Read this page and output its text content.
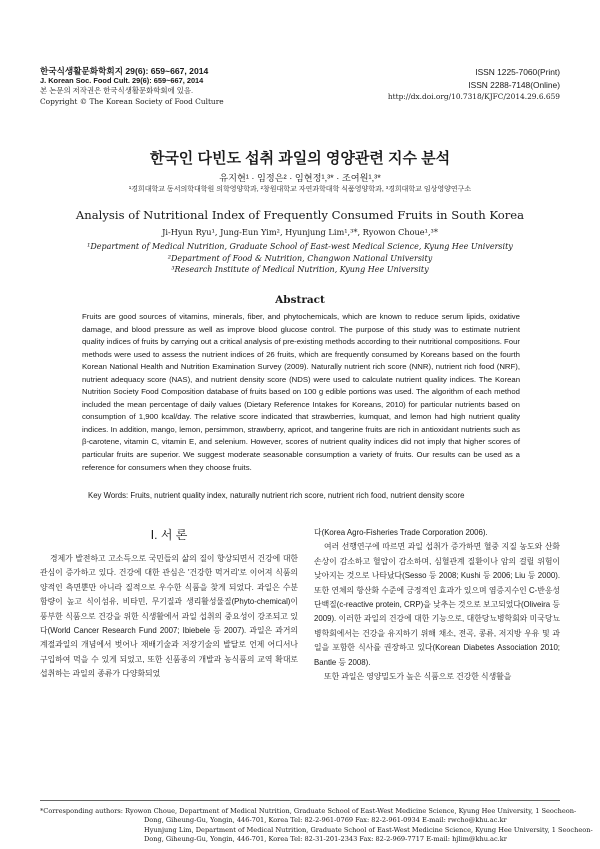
한국식생활문화학회지 29(6): 659~667, 2014
J. Korean Soc. Food Cult. 29(6): 659~667, 2014
본 논문의 저작권은 한국식생활문화학회에 있음.
Copyright © The Korean Society of Food Culture
ISSN 1225-7060(Print)
ISSN 2288-7148(Online)
http://dx.doi.org/10.7318/KJFC/2014.29.6.659
한국인 다빈도 섭취 과일의 영양관련 지수 분석
유지현¹ · 임정은² · 임현정¹,³* · 조여원¹,³*
¹경희대학교 동서의학대학원 의학영양학과, ²창원대학교 자연과학대학 식품영양학과, ³경희대학교 임상영양연구소
Analysis of Nutritional Index of Frequently Consumed Fruits in South Korea
Ji-Hyun Ryu¹, Jung-Eun Yim², Hyunjung Lim¹,³*, Ryowon Choue¹,³*
¹Department of Medical Nutrition, Graduate School of East-west Medical Science, Kyung Hee University
²Department of Food & Nutrition, Changwon National University
³Research Institute of Medical Nutrition, Kyung Hee University
Abstract
Fruits are good sources of vitamins, minerals, fiber, and phytochemicals, which are known to reduce serum lipids, oxidative damage, and blood pressure as well as improve blood glucose control. The purpose of this study was to estimate nutrient quality indices of fruits by carrying out a critical analysis of pre-existing methods according to their nutritional compositions. Four methods were used to assess the nutrient indices of 26 fruits, which are frequently consumed by Koreans based on the fourth Korean National Health and Nutrition Examination Survey (2009). Naturally nutrient rich score (NNR), nutrient rich food (NRF), nutrient adequacy score (NAS), and nutrient density score (NDS) were used to calculate nutrient quality indices. The Korean Nutrition Society Food Composition database of fruits based on 100 g edible portions was used. The algorithm of each method included the mean percentage of daily values (Dietary Reference Intakes for Koreans, 2010) for particular nutrients based on consumption of 1,900 kcal/day. The relative score indicated that strawberries, kumquat, and lemon had high nutrient quality indices. In addition, mango, lemon, persimmon, strawberry, apricot, and tangerine fruits are rich in antioxidant nutrients such as β-carotene, vitamin C, vitamin E, and selenium. However, scores of nutrient quality indices did not imply that higher scores of particular fruits are superior. We suggest moderate seasonable consumption a variety of fruits. Our results can be used as a reference for consumers when they choose fruits.
Key Words: Fruits, nutrient quality index, naturally nutrient rich score, nutrient rich food, nutrient density score
Ⅰ. 서 론

경제가 발전하고 고소득으로 국민들의 삶의 질이 향상되면서 건강에 대한 관심이 증가하고 있다. 건강에 대한 관심은 '건강한 먹거리'로 이어져 식품의 양적인 측면뿐만 아니라 질적으로 우수한 식품을 찾게 되었다. 과일은 수분 함량이 높고 식이섬유, 비타민, 무기질과 생리활성물질(Phyto-chemical)이 풍부한 식품으로 건강을 위한 식생활에서 과일 섭취의 중요성이 강조되고 있다(World Cancer Research Fund 2007; Ibiebele 등 2007). 과일은 과거의 계절과일의 개념에서 벗어나 재배기술과 저장기술의 발달로 언제 어디서나 구입하여 먹을 수 있게 되었고, 또한 신품종의 개발과 농식품의 교역 확대로 섭취하는 과일의 종류가 다양화되었

다(Korea Agro-Fisheries Trade Corporation 2006).

여러 선행연구에 따르면 과일 섭취가 증가하면 혈중 지질 농도와 산화 손상이 감소하고 혈압이 감소하며, 심혈관계 질환이나 암의 걸릴 위험이 낮아지는 것으로 나타났다(Sesso 등 2008; Kushi 등 2006; Liu 등 2000). 또한 연체의 항산화 수준에 긍정적인 효과가 있으며 염증지수인 C-반응성 단백질(c-reactive protein, CRP)을 낮추는 것으로 보고되었다(Oliveira 등 2009). 이러한 과일의 건강에 대한 기능으로, 대한당뇨병학회와 미국당뇨병학회에서는 건강을 유지하기 위해 채소, 전곡, 콩류, 저지방 우유 및 과일을 포함한 식사를 권장하고 있다(Korean Diabetes Association 2010; Bantle 등 2008).

또한 과일은 영양밀도가 높은 식품으로 건강한 식생활을

*Corresponding authors: Ryowon Choue, Department of Medical Nutrition, Graduate School of East-West Medicine Science, Kyung Hee University, 1 Seocheon-
Dong, Giheung-Gu, Yongin, 446-701, Korea Tel: 82-2-961-0769 Fax: 82-2-961-0934 E-mail: rwcho@khu.ac.kr
Hyunjung Lim, Department of Medical Nutrition, Graduate School of East-West Medicine Science, Kyung Hee University, 1 Seocheon-
Dong, Giheung-Gu, Yongin, 446-701, Korea Tel: 82-31-201-2343 Fax: 82-2-969-7717 E-mail: hjlim@khu.ac.kr
